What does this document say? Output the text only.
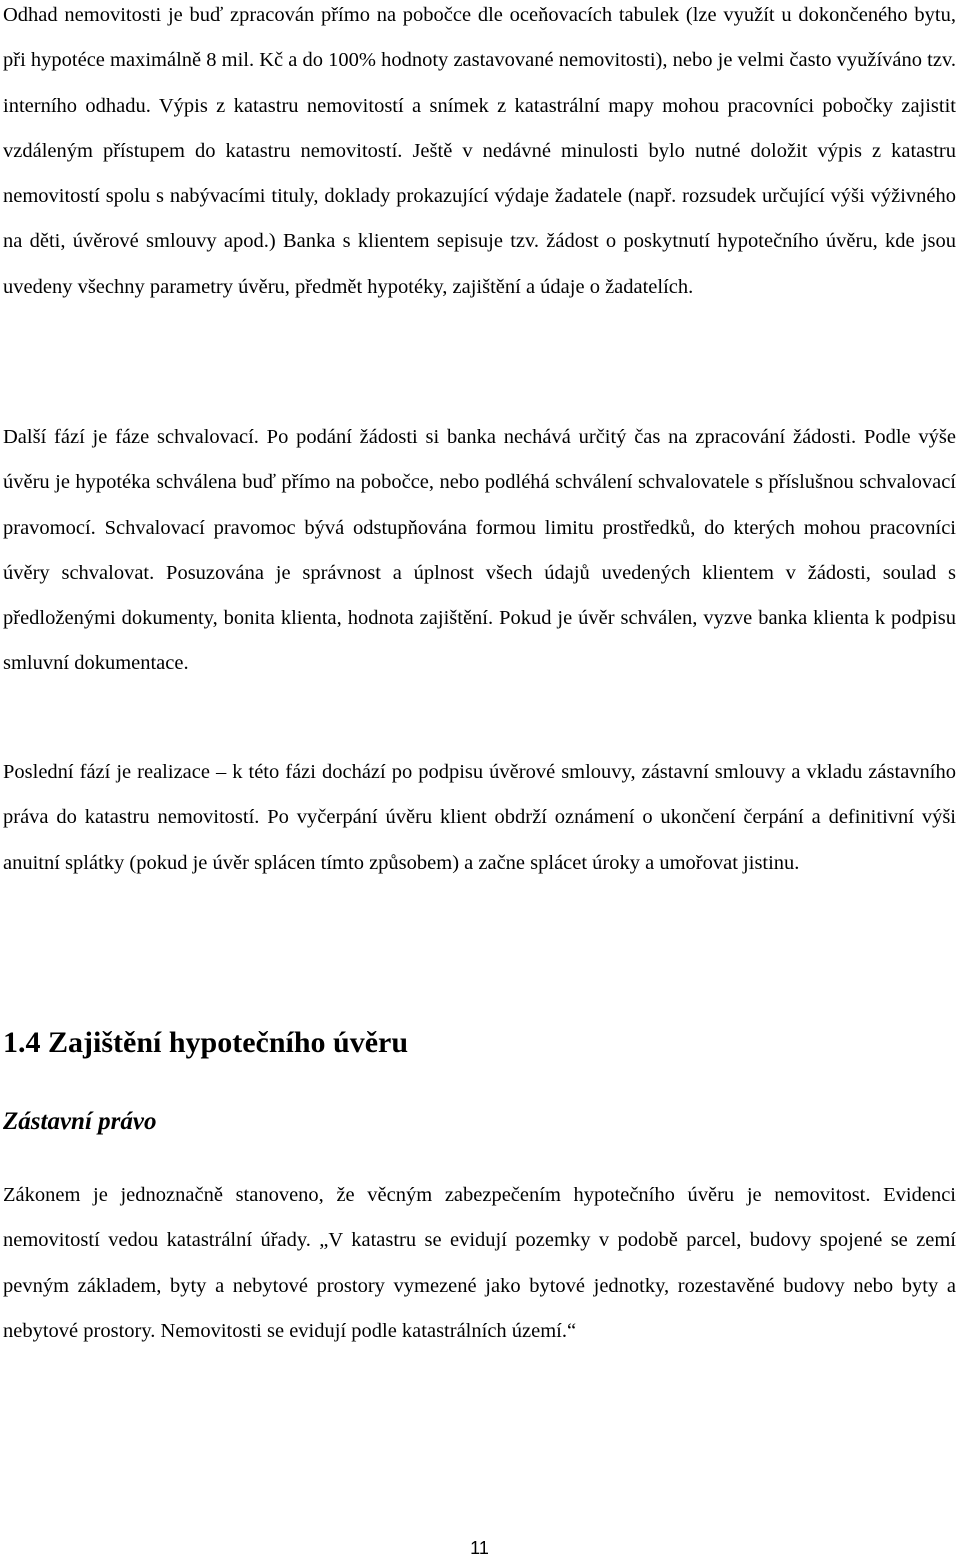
Odhad nemovitosti je buď zpracován přímo na pobočce dle oceňovacích tabulek (lze využít u dokončeného bytu, při hypotéce maximálně 8 mil. Kč a do 100% hodnoty zastavované nemovitosti), nebo je velmi často využíváno tzv. interního odhadu. Výpis z katastru nemovitostí a snímek z katastrální mapy mohou pracovníci pobočky zajistit vzdáleným přístupem do katastru nemovitostí. Ještě v nedávné minulosti bylo nutné doložit výpis z katastru nemovitostí spolu s nabývacími tituly, doklady prokazující výdaje žadatele (např. rozsudek určující výši výživného na děti, úvěrové smlouvy apod.) Banka s klientem sepisuje tzv. žádost o poskytnutí hypotečního úvěru, kde jsou uvedeny všechny parametry úvěru, předmět hypotéky, zajištění a údaje o žadatelích.

Další fází je fáze schvalovací. Po podání žádosti si banka nechává určitý čas na zpracování žádosti. Podle výše úvěru je hypotéka schválena buď přímo na pobočce, nebo podléhá schválení schvalovatele s příslušnou schvalovací pravomocí. Schvalovací pravomoc bývá odstupňována formou limitu prostředků, do kterých mohou pracovníci úvěry schvalovat. Posuzována je správnost a úplnost všech údajů uvedených klientem v žádosti, soulad s předloženými dokumenty, bonita klienta, hodnota zajištění. Pokud je úvěr schválen, vyzve banka klienta k podpisu smluvní dokumentace.

Poslední fází je realizace – k této fázi dochází po podpisu úvěrové smlouvy, zástavní smlouvy a vkladu zástavního práva do katastru nemovitostí. Po vyčerpání úvěru klient obdrží oznámení o ukončení čerpání a definitivní výši anuitní splátky (pokud je úvěr splácen tímto způsobem) a začne splácet úroky a umořovat jistinu.

1.4 Zajištění hypotečního úvěru
Zástavní právo

Zákonem je jednoznačně stanoveno, že věcným zabezpečením hypotečního úvěru je nemovitost. Evidenci nemovitostí vedou katastrální úřady. „V katastru se evidují pozemky v podobě parcel, budovy spojené se zemí pevným základem, byty a nebytové prostory vymezené jako bytové jednotky, rozestavěné budovy nebo byty a nebytové prostory. Nemovitosti se evidují podle katastrálních území.“

11
